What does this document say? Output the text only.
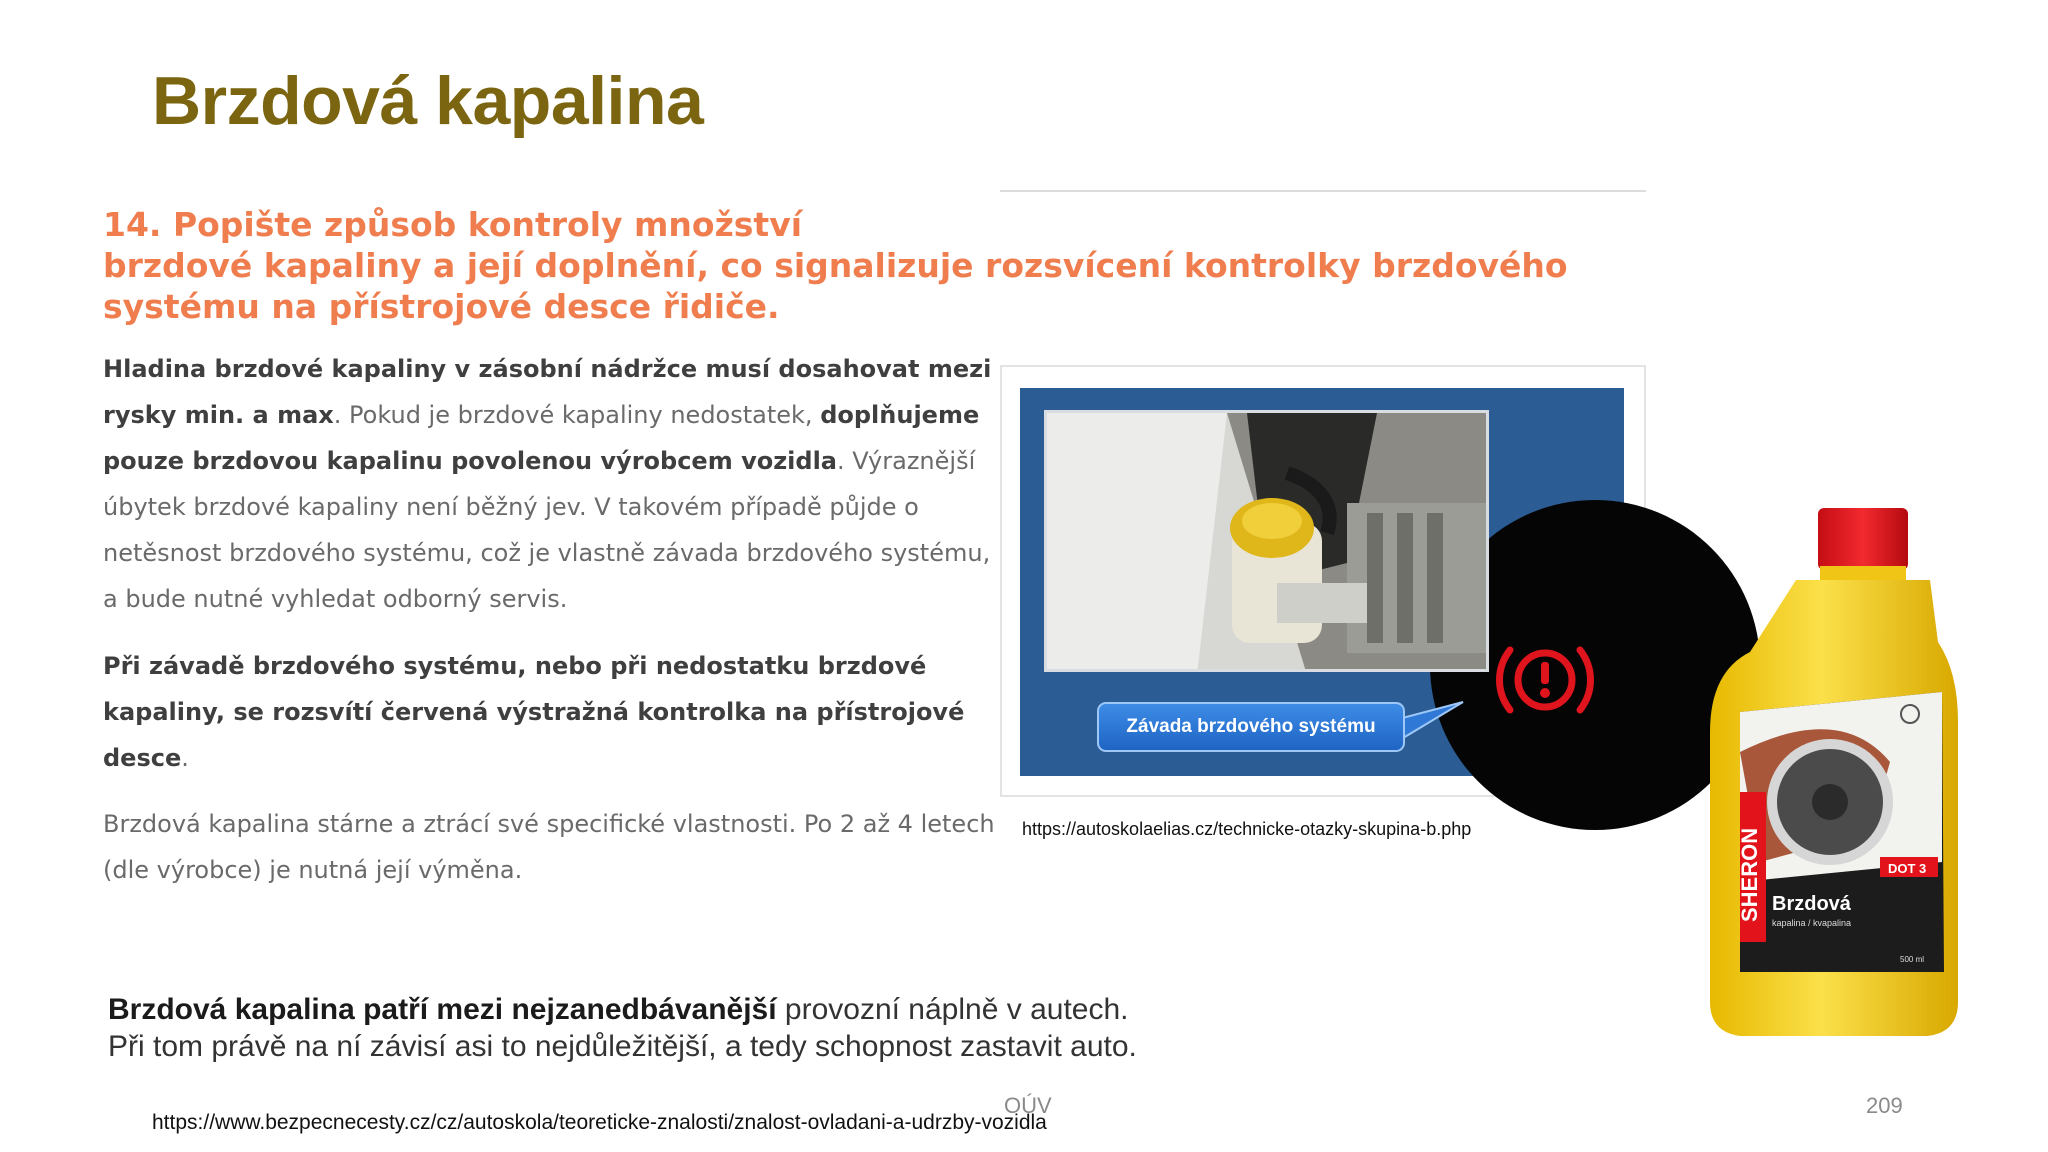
Brzdová kapalina
14. Popište způsob kontroly množství
brzdové kapaliny a její doplnění, co signalizuje rozsvícení kontrolky brzdového
systému na přístrojové desce řidiče.
Hladina brzdové kapaliny v zásobní nádržce musí dosahovat mezi rysky min. a max. Pokud je brzdové kapaliny nedostatek, doplňujeme pouze brzdovou kapalinu povolenou výrobcem vozidla. Výraznější úbytek brzdové kapaliny není běžný jev. V takovém případě půjde o netěsnost brzdového systému, což je vlastně závada brzdového systému, a bude nutné vyhledat odborný servis.
Při závadě brzdového systému, nebo při nedostatku brzdové kapaliny, se rozsvítí červená výstražná kontrolka na přístrojové desce.
Brzdová kapalina stárne a ztrácí své specifické vlastnosti. Po 2 až 4 letech (dle výrobce) je nutná její výměna.
Závada brzdového systému
https://autoskolaelias.cz/technicke-otazky-skupina-b.php	SHERON	DOT 3
Brzdová
kapalina / kvapalina
500 ml
Brzdová kapalina patří mezi nejzanedbávanější provozní náplně v autech.
Při tom právě na ní závisí asi to nejdůležitější, a tedy schopnost zastavit auto.
OÚV	209
https://www.bezpecnecesty.cz/cz/autoskola/teoreticke-znalosti/znalost-ovladani-a-udrzby-vozidla
